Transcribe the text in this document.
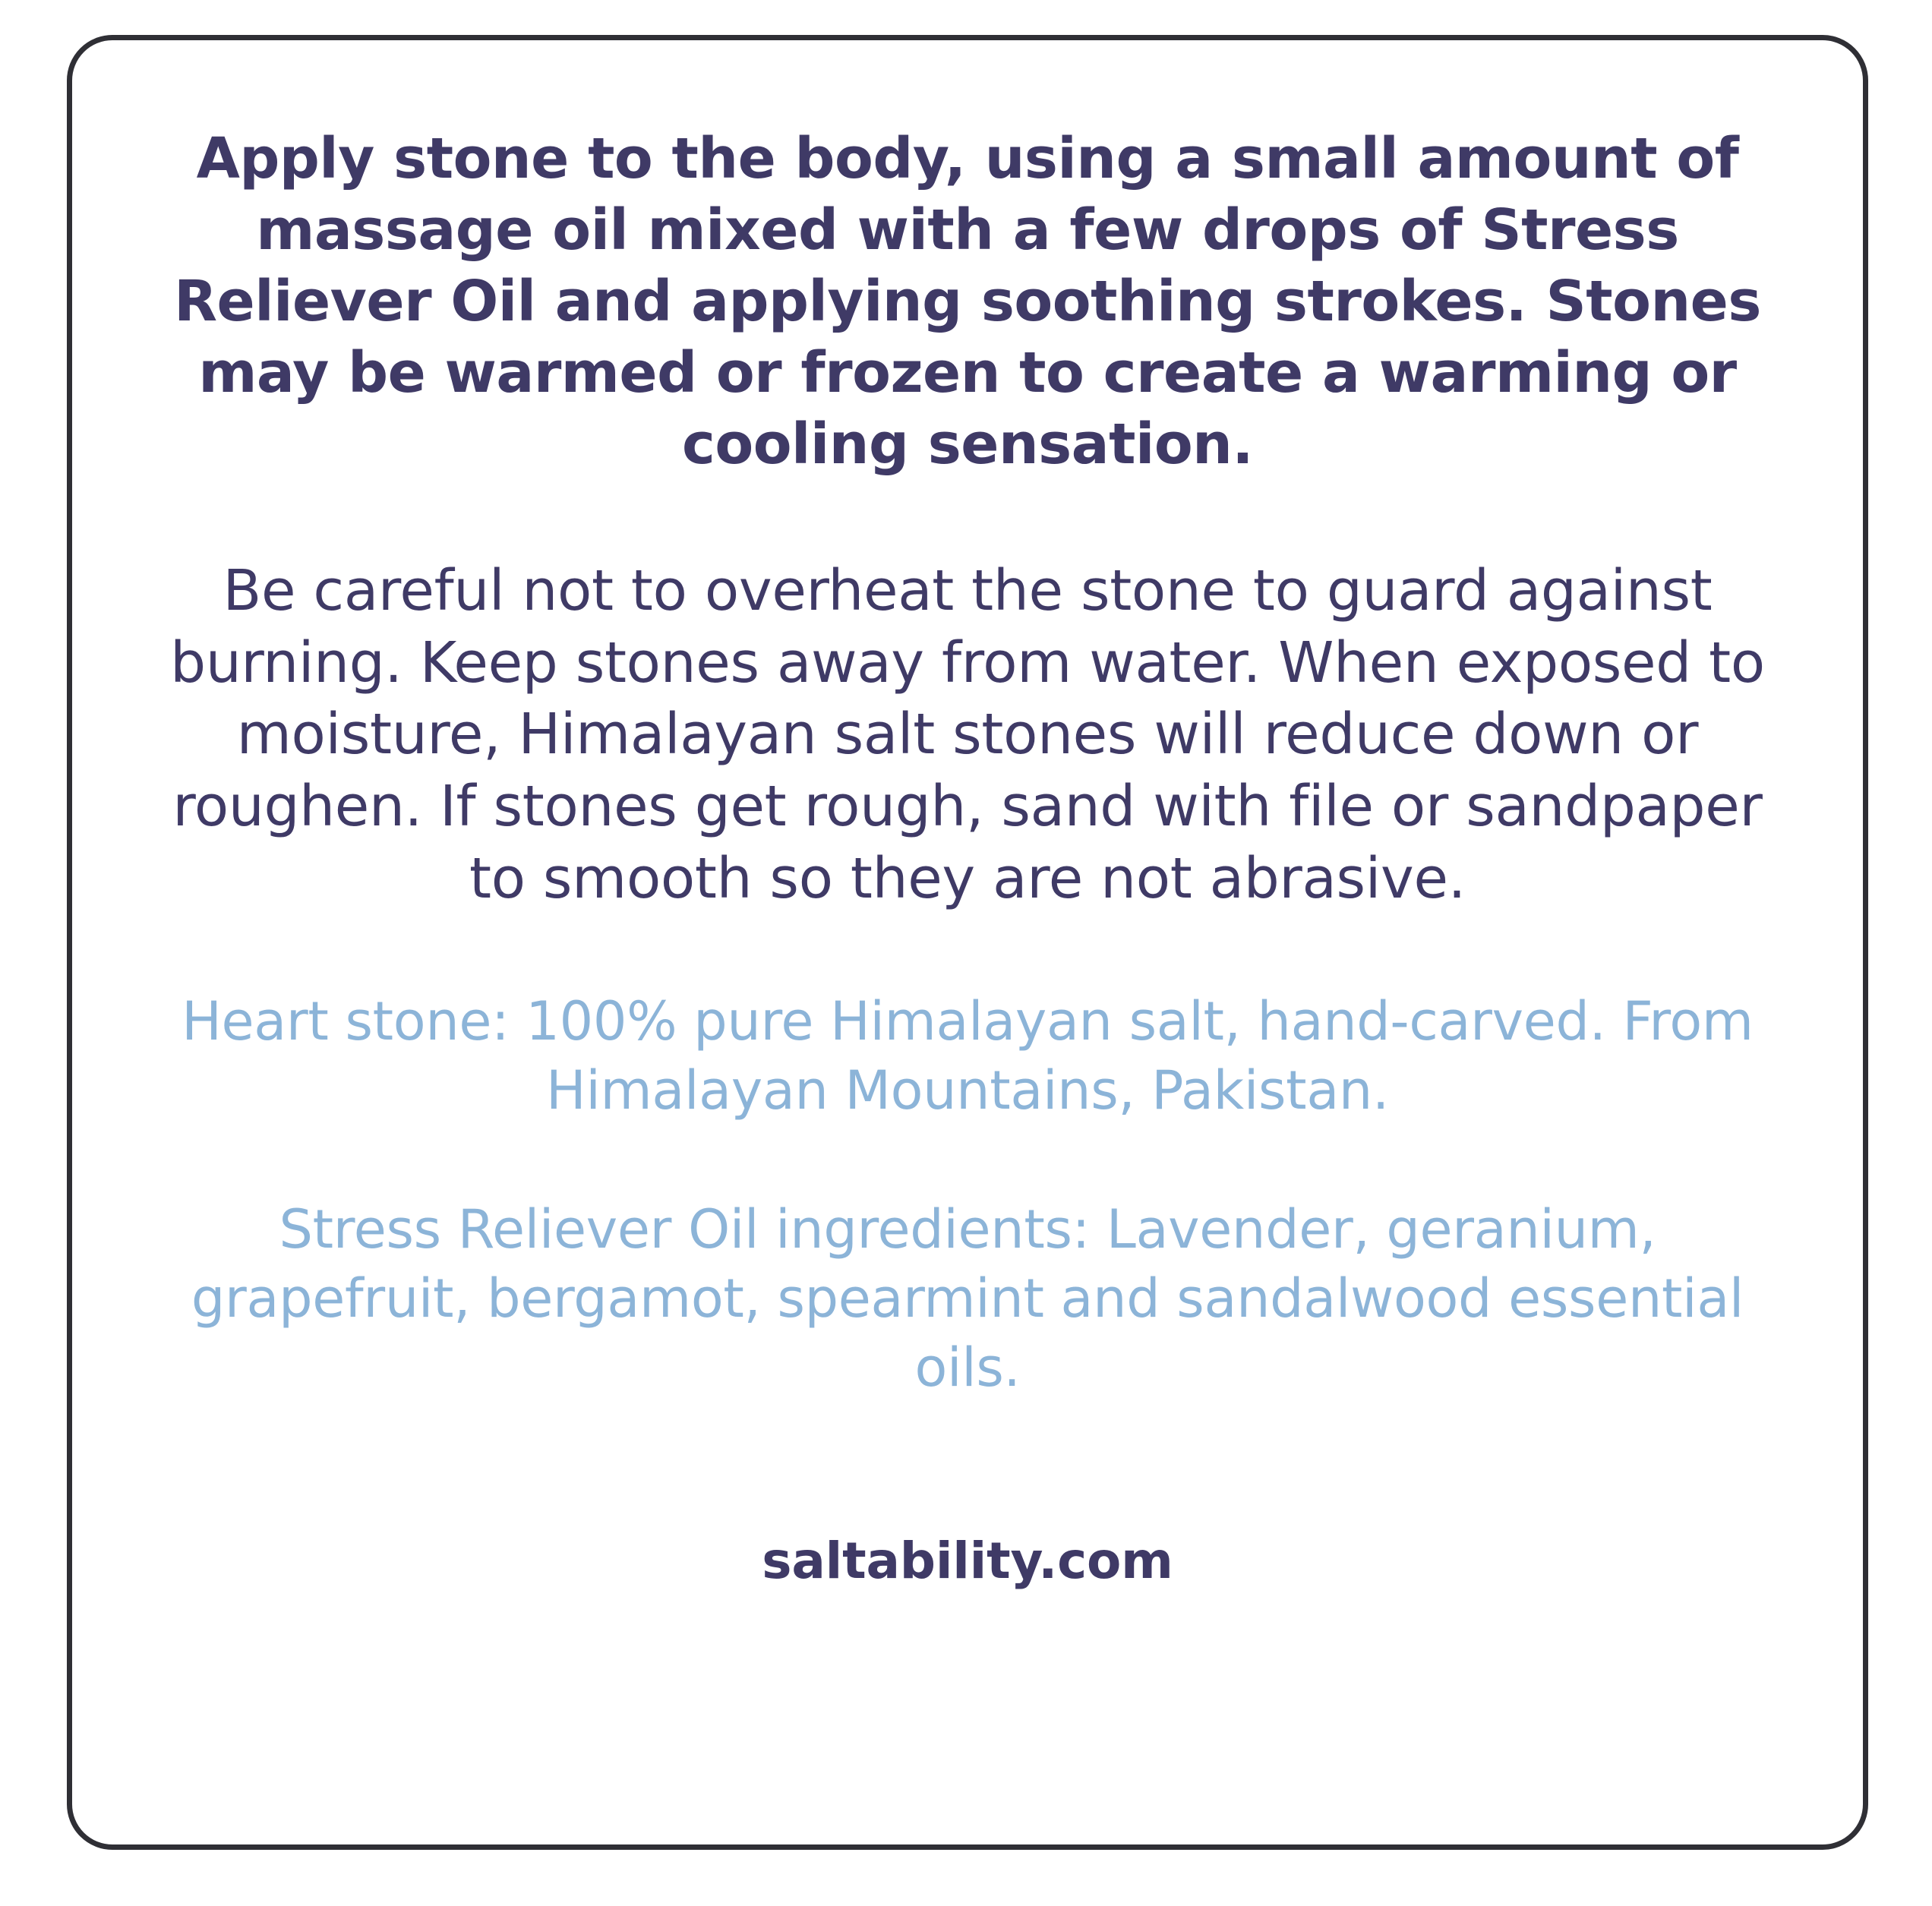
Apply stone to the body, using a small amount of massage oil mixed with a few drops of Stress Reliever Oil and applying soothing strokes. Stones may be warmed or frozen to create a warming or cooling sensation.

Be careful not to overheat the stone to guard against burning. Keep stones away from water. When exposed to moisture, Himalayan salt stones will reduce down or roughen. If stones get rough, sand with file or sandpaper to smooth so they are not abrasive.

Heart stone: 100% pure Himalayan salt, hand-carved. From Himalayan Mountains, Pakistan.

Stress Reliever Oil ingredients: Lavender, geranium, grapefruit, bergamot, spearmint and sandalwood essential oils.

saltability.com
